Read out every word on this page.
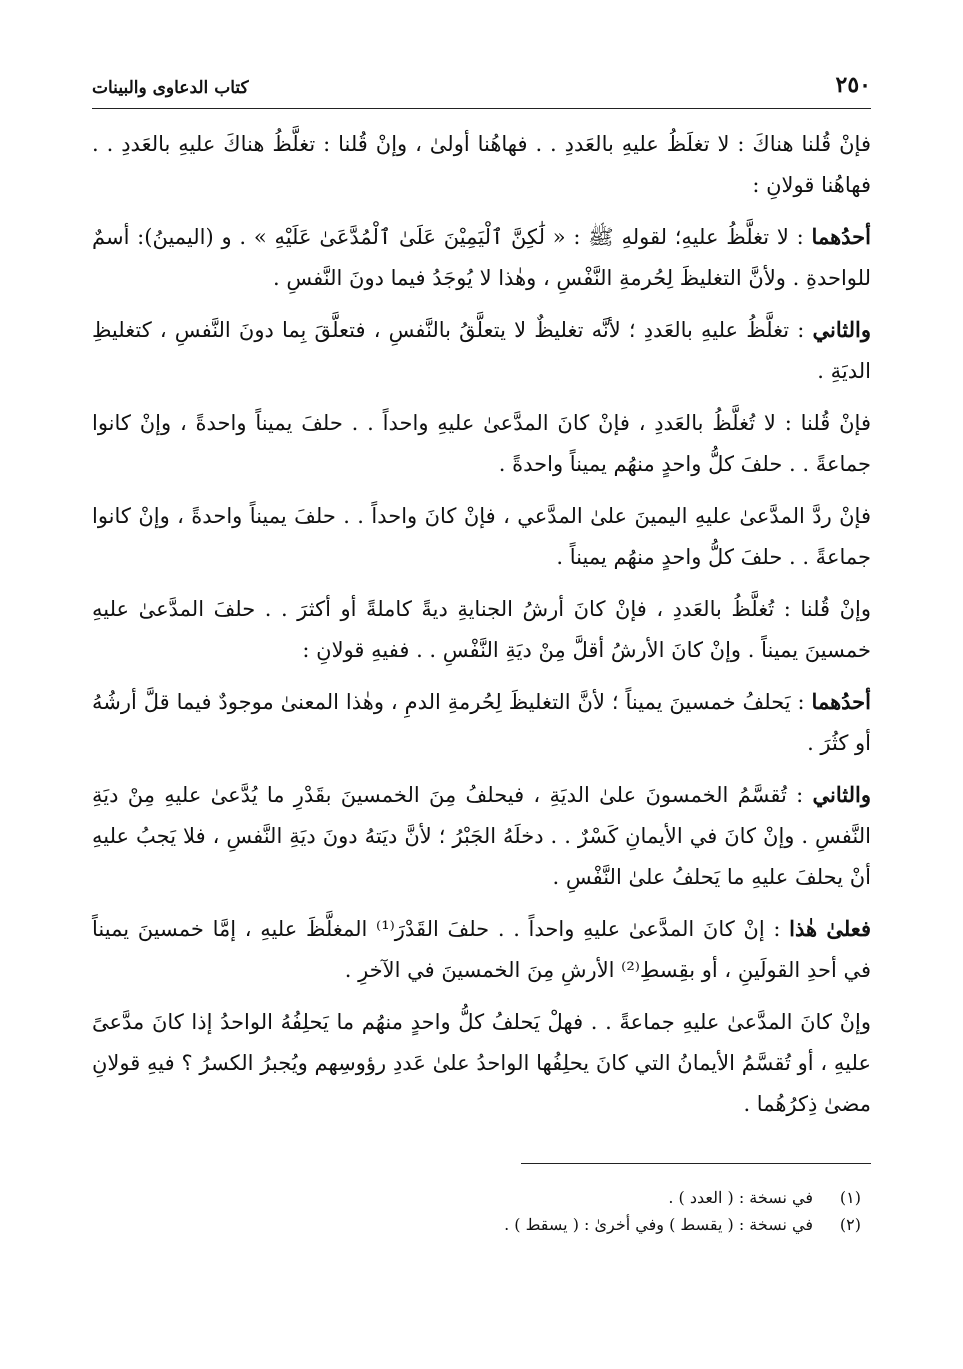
٢٥٠
كتاب الدعاوى والبينات

فإنْ قُلنا هناكَ : لا تغلَظُ عليهِ بالعَددِ . . فهاهُنا أولىٰ ، وإنْ قُلنا : تغلَّظُ هناكَ عليهِ بالعَددِ . . فهاهُنا قولانِ :

أحدُهما : لا تغلَّظُ عليهِ؛ لقولهِ ﷺ : « لَٰكِنَّ ٱلْيَمِيْنَ عَلَىٰ ٱلْمُدَّعَىٰ عَلَيْهِ » . و (اليمينُ): أسمٌ للواحدةِ . ولأنَّ التغليظَ لِحُرمةِ النَّفْسِ ، وهٰذا لا يُوجَدُ فيما دونَ النَّفسِ .

والثاني : تغلَّظُ عليهِ بالعَددِ ؛ لأنَّه تغليظٌ لا يتعلَّقُ بالنَّفسِ ، فتعلَّقَ بِما دونَ النَّفسِ ، كتغليظِ الديَةِ .

فإنْ قُلنا : لا تُغلَّظُ بالعَددِ ، فإنْ كانَ المدَّعىٰ عليهِ واحداً . . حلفَ يميناً واحدةً ، وإنْ كانوا جماعةً . . حلفَ كلُّ واحدٍ منهُم يميناً واحدةً .

فإنْ ردَّ المدَّعىٰ عليهِ اليمينَ علىٰ المدَّعي ، فإنْ كانَ واحداً . . حلفَ يميناً واحدةً ، وإنْ كانوا جماعةً . . حلفَ كلُّ واحدٍ منهُم يميناً .

وإنْ قُلنا : تُغلَّظُ بالعَددِ ، فإنْ كانَ أرشُ الجنايةِ ديةً كاملةً أو أكثرَ . . حلفَ المدَّعىٰ عليهِ خمسينَ يميناً . وإنْ كانَ الأرشُ أقلَّ مِنْ ديَةِ النَّفْسِ . . ففيهِ قولانِ :

أحدُهما : يَحلفُ خمسينَ يميناً ؛ لأنَّ التغليظَ لِحُرمةِ الدمِ ، وهٰذا المعنىٰ موجودٌ فيما قلَّ أرشُهُ أو كثُرَ .

والثاني : تُقسَّمُ الخمسونَ علىٰ الديَةِ ، فيحلفُ مِنَ الخمسينَ بقَدْرِ ما يُدَّعىٰ عليهِ مِنْ ديَةِ النَّفسِ . وإنْ كانَ في الأيمانِ كَسْرٌ . . دخلَهُ الجَبْرُ ؛ لأنَّ ديَتهُ دونَ ديَةِ النَّفسِ ، فلا يَجبُ عليهِ أنْ يحلفَ عليهِ ما يَحلفُ علىٰ النَّفْسِ .

فعلىٰ هٰذا : إنْ كانَ المدَّعىٰ عليهِ واحداً . . حلفَ القَدْرَ⁽¹⁾ المغلَّظَ عليهِ ، إمَّا خمسينَ يميناً في أحدِ القولَينِ ، أو بقِسطِ⁽²⁾ الأرشِ مِنَ الخمسينَ في الآخرِ .

وإنْ كانَ المدَّعىٰ عليهِ جماعةً . . فهلْ يَحلفُ كلُّ واحدٍ منهُم ما يَحلِفُهُ الواحدُ إذا كانَ مدَّعىً عليهِ ، أو تُقسَّمُ الأيمانُ التي كانَ يحلِفُها الواحدُ علىٰ عَددِ رؤوسِهم ويُجبرُ الكسرُ ؟ فيهِ قولانِ مضىٰ ذِكرُهُما .

(١)
في نسخة : ( العدد ) .
(٢)
في نسخة : ( يقسط ) وفي أخرىٰ : ( يسقط ) .
